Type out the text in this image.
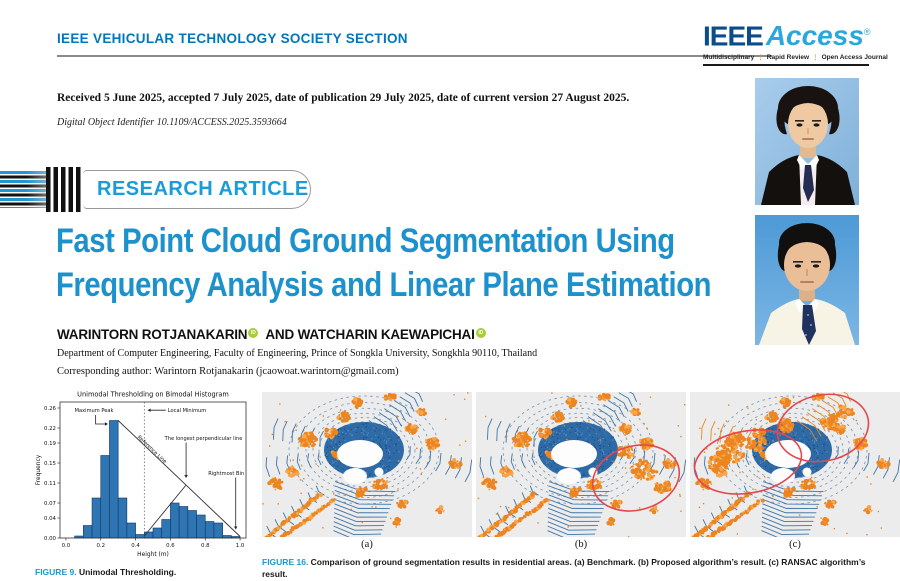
IEEE VEHICULAR TECHNOLOGY SOCIETY SECTION	IEEE Access®
Multidisciplinary ⋮ Rapid Review ⋮ Open Access Journal
Received 5 June 2025, accepted 7 July 2025, date of publication 29 July 2025, date of current version 27 August 2025.
Digital Object Identifier 10.1109/ACCESS.2025.3593664
RESEARCH ARTICLE
Fast Point Cloud Ground Segmentation Using
Frequency Analysis and Linear Plane Estimation
WARINTORN ROTJANAKARIN iD AND WATCHARIN KAEWAPICHAI iD
Department of Computer Engineering, Faculty of Engineering, Prince of Songkla University, Songkhla 90110, Thailand
Corresponding author: Warintorn Rotjanakarin (jcaowoat.warintorn@gmail.com)
0.00
0.04
0.07
0.11
0.15
0.19
0.22
0.26
0.0	0.2	0.4	0.6	0.8	1.0
Unimodal Thresholding on Bimodal Histogram
Height (m)
Frequency
Maximum Peak	Local Minimum
Reference Line
The longest perpendicular line
Rightmost Bin
FIGURE 9. Unimodal Thresholding.
(a)	(b)	(c)
FIGURE 16. Comparison of ground segmentation results in residential areas. (a) Benchmark. (b) Proposed algorithm’s result. (c) RANSAC algorithm’s result.
